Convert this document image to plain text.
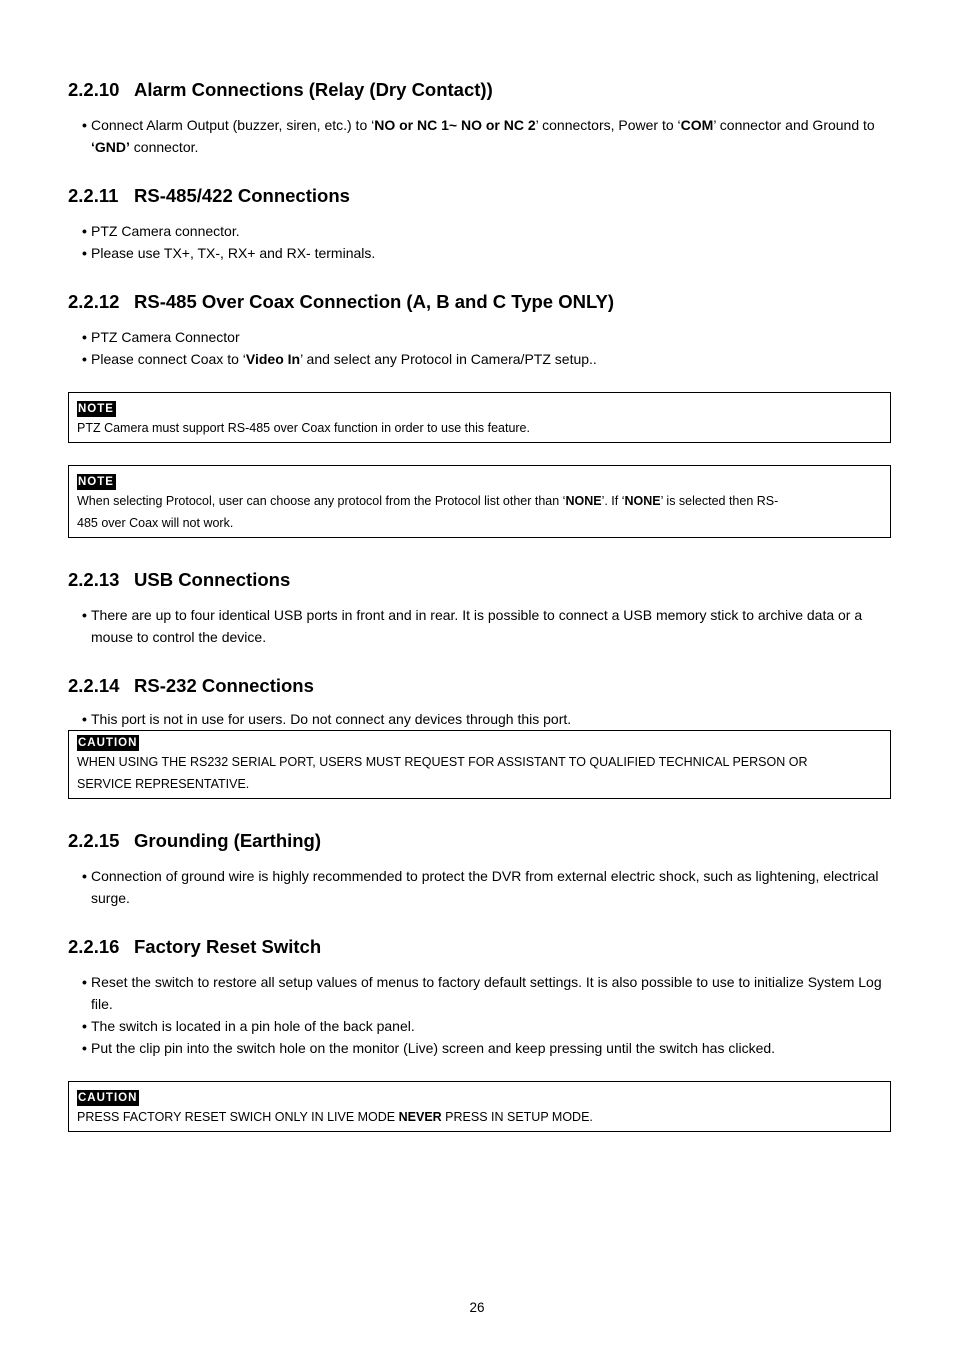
2.2.10 Alarm Connections (Relay (Dry Contact))
• Connect Alarm Output (buzzer, siren, etc.) to ‘NO or NC 1~ NO or NC 2’ connectors, Power to ‘COM’ connector and Ground to ‘GND’ connector.
2.2.11 RS-485/422 Connections
• PTZ Camera connector.
• Please use TX+, TX-, RX+ and RX- terminals.
2.2.12 RS-485 Over Coax Connection (A, B and C Type ONLY)
• PTZ Camera Connector
• Please connect Coax to ‘Video In’ and select any Protocol in Camera/PTZ setup..
NOTE

PTZ Camera must support RS-485 over Coax function in order to use this feature.

NOTE

When selecting Protocol, user can choose any protocol from the Protocol list other than ‘NONE’. If ‘NONE’ is selected then RS-

485 over Coax will not work.

2.2.13 USB Connections
• There are up to four identical USB ports in front and in rear. It is possible to connect a USB memory stick to archive data or a mouse to control the device.
2.2.14 RS-232 Connections
• This port is not in use for users. Do not connect any devices through this port.
CAUTION

WHEN USING THE RS232 SERIAL PORT, USERS MUST REQUEST FOR ASSISTANT TO QUALIFIED TECHNICAL PERSON OR

SERVICE REPRESENTATIVE.

2.2.15 Grounding (Earthing)
• Connection of ground wire is highly recommended to protect the DVR from external electric shock, such as lightening, electrical surge.
2.2.16 Factory Reset Switch
• Reset the switch to restore all setup values of menus to factory default settings. It is also possible to use to initialize System Log file.
• The switch is located in a pin hole of the back panel.
• Put the clip pin into the switch hole on the monitor (Live) screen and keep pressing until the switch has clicked.
CAUTION

PRESS FACTORY RESET SWICH ONLY IN LIVE MODE NEVER PRESS IN SETUP MODE.

26
